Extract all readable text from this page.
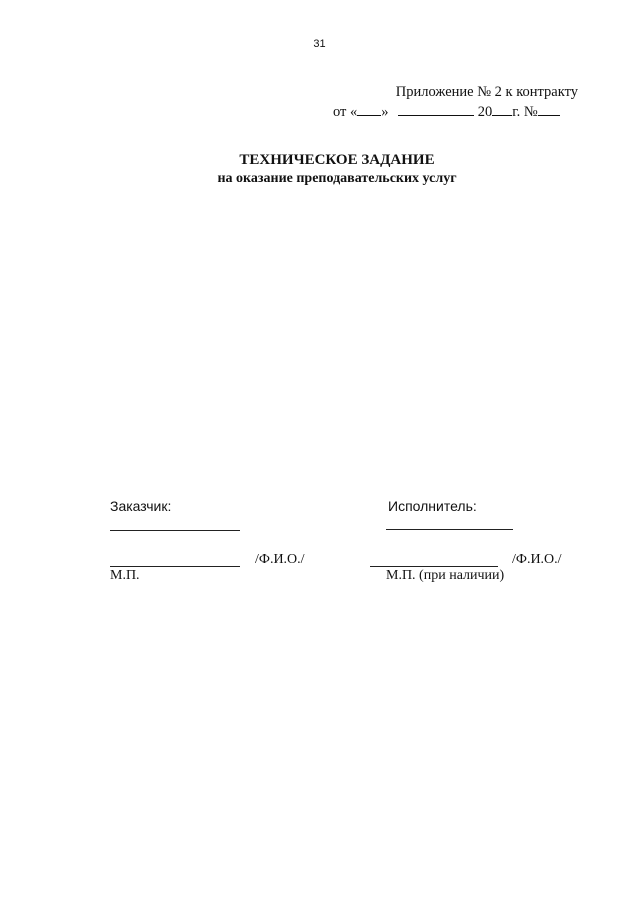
31
Приложение № 2 к контракту
от « »	20 г. №
ТЕХНИЧЕСКОЕ ЗАДАНИЕ
на оказание преподавательских услуг
Заказчик:
/Ф.И.О./
М.П.
Исполнитель:
/Ф.И.О./
М.П. (при наличии)
